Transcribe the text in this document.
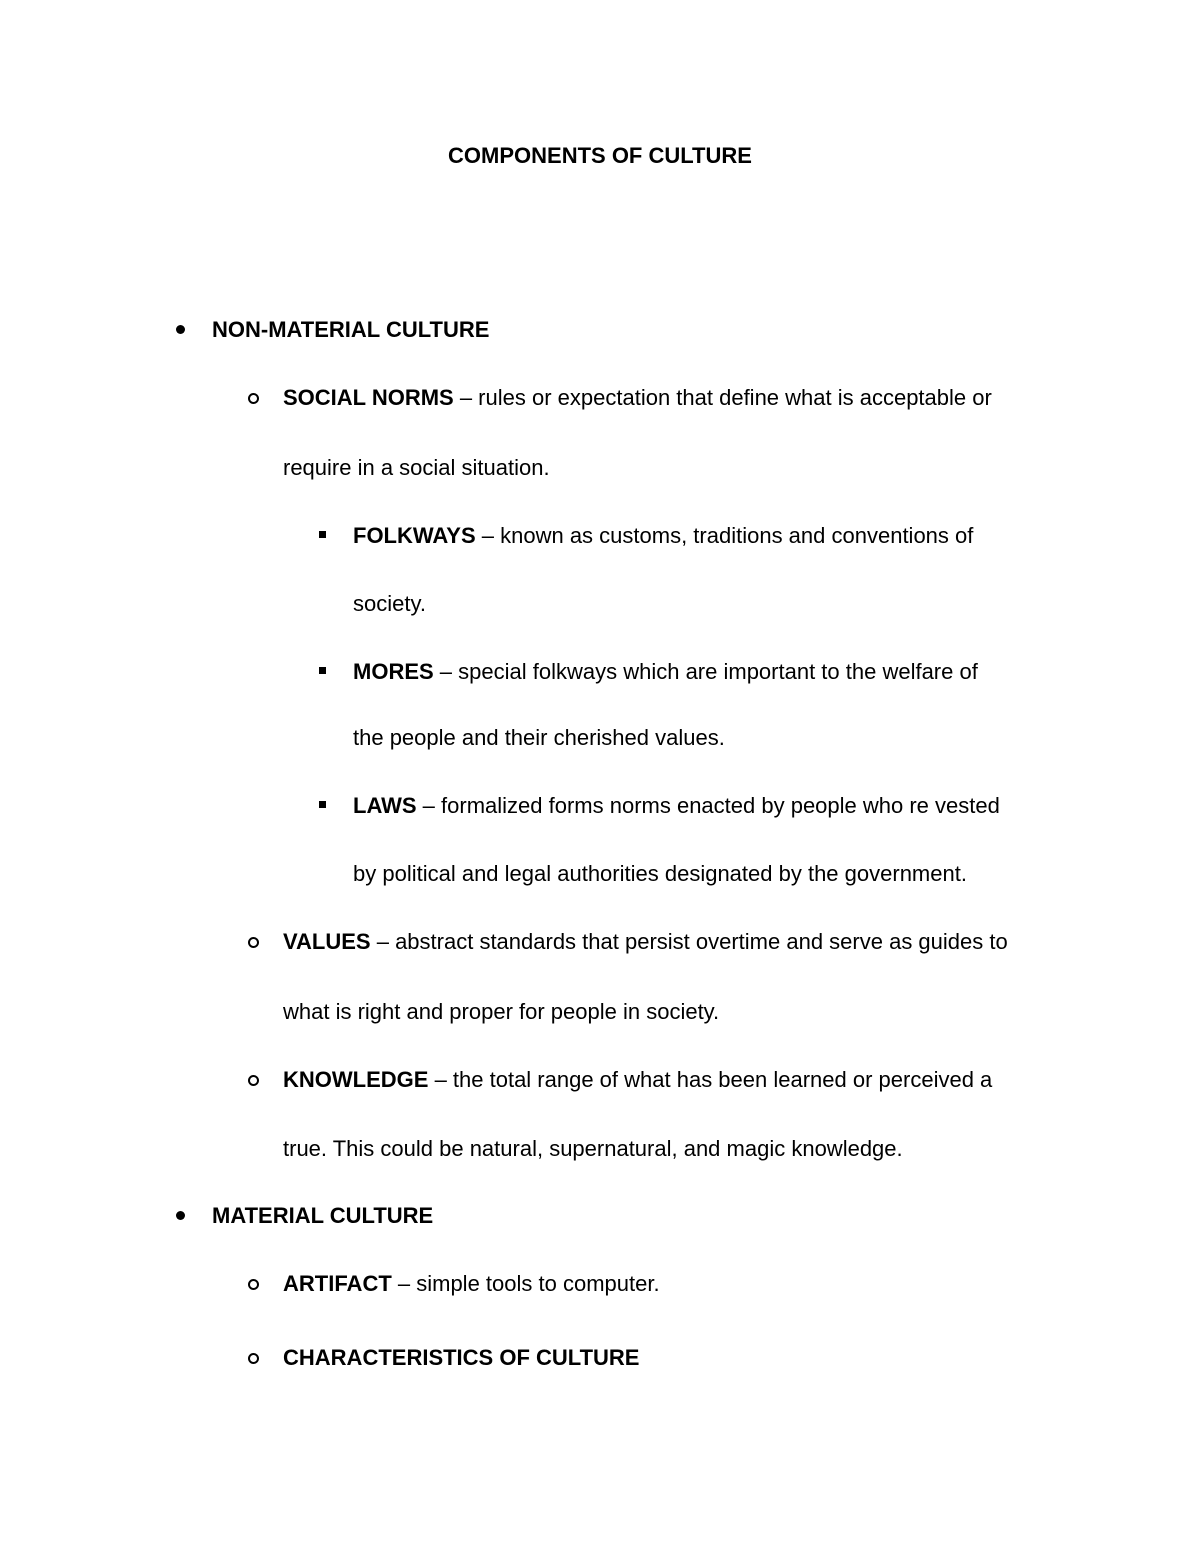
COMPONENTS OF CULTURE
NON-MATERIAL CULTURE
SOCIAL NORMS – rules or expectation that define what is acceptable or
require in a social situation.
FOLKWAYS – known as customs, traditions and conventions of
society.
MORES – special folkways which are important to the welfare of
the people and their cherished values.
LAWS – formalized forms norms enacted by people who re vested
by political and legal authorities designated by the government.
VALUES – abstract standards that persist overtime and serve as guides to
what is right and proper for people in society.
KNOWLEDGE – the total range of what has been learned or perceived a
true. This could be natural, supernatural, and magic knowledge.
MATERIAL CULTURE
ARTIFACT – simple tools to computer.
CHARACTERISTICS OF CULTURE
